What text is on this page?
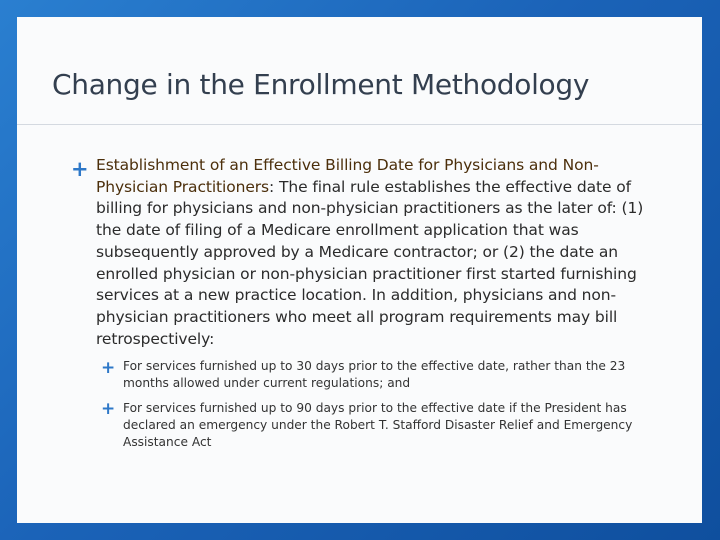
Change in the Enrollment Methodology
+ Establishment of an Effective Billing Date for Physicians and Non-Physician Practitioners: The final rule establishes the effective date of billing for physicians and non-physician practitioners as the later of: (1) the date of filing of a Medicare enrollment application that was subsequently approved by a Medicare contractor; or (2) the date an enrolled physician or non-physician practitioner first started furnishing services at a new practice location. In addition, physicians and non-physician practitioners who meet all program requirements may bill retrospectively:
+ For services furnished up to 30 days prior to the effective date, rather than the 23 months allowed under current regulations; and
+ For services furnished up to 90 days prior to the effective date if the President has declared an emergency under the Robert T. Stafford Disaster Relief and Emergency Assistance Act
